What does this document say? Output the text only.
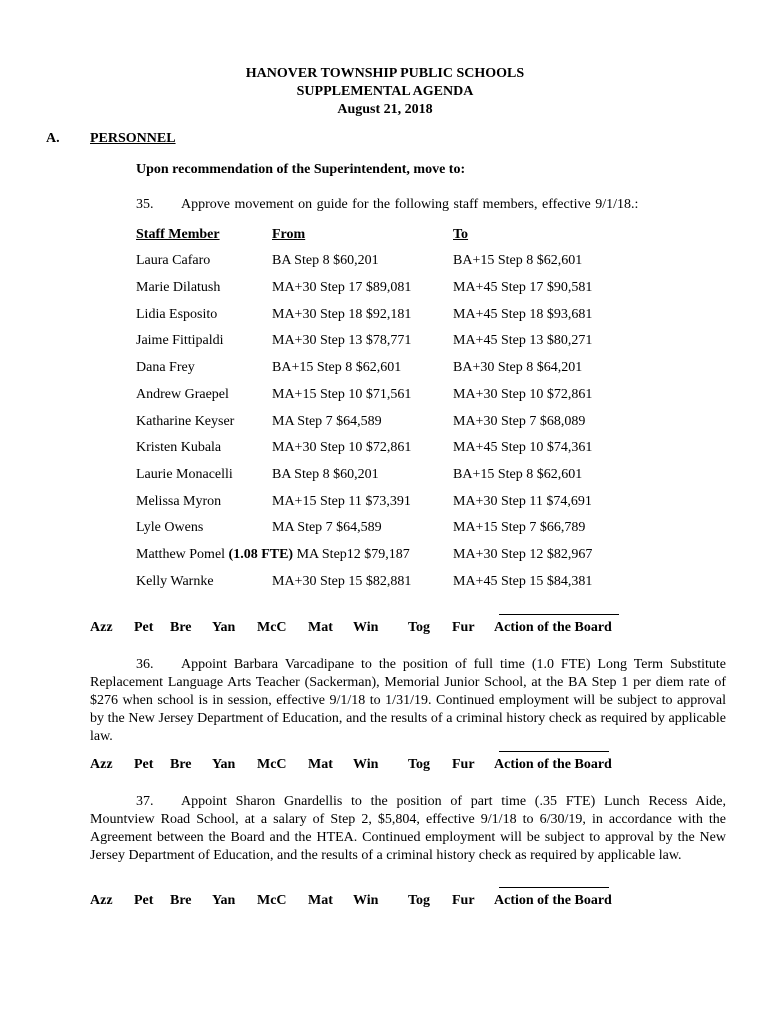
HANOVER TOWNSHIP PUBLIC SCHOOLS
SUPPLEMENTAL AGENDA
August 21, 2018
A. PERSONNEL
Upon recommendation of the Superintendent, move to:
35. Approve movement on guide for the following staff members, effective 9/1/18.:
Staff Member	From	To
Laura Cafaro	BA Step 8 $60,201	BA+15 Step 8 $62,601
Marie Dilatush	MA+30 Step 17 $89,081	MA+45 Step 17 $90,581
Lidia Esposito	MA+30 Step 18 $92,181	MA+45 Step 18 $93,681
Jaime Fittipaldi	MA+30 Step 13 $78,771	MA+45 Step 13 $80,271
Dana Frey	BA+15 Step 8 $62,601	BA+30 Step 8 $64,201
Andrew Graepel	MA+15 Step 10 $71,561	MA+30 Step 10 $72,861
Katharine Keyser	MA Step 7 $64,589	MA+30 Step 7 $68,089
Kristen Kubala	MA+30 Step 10 $72,861	MA+45 Step 10 $74,361
Laurie Monacelli	BA Step 8 $60,201	BA+15 Step 8 $62,601
Melissa Myron	MA+15 Step 11 $73,391	MA+30 Step 11 $74,691
Lyle Owens	MA Step 7 $64,589	MA+15 Step 7 $66,789
Matthew Pomel (1.08 FTE) MA Step12 $79,187	MA+30 Step 12 $82,967
Kelly Warnke	MA+30 Step 15 $82,881	MA+45 Step 15 $84,381
Azz Pet Bre Yan McC Mat Win Tog Fur Action of the Board
36. Appoint Barbara Varcadipane to the position of full time (1.0 FTE) Long Term Substitute Replacement Language Arts Teacher (Sackerman), Memorial Junior School, at the BA Step 1 per diem rate of $276 when school is in session, effective 9/1/18 to 1/31/19. Continued employment will be subject to approval by the New Jersey Department of Education, and the results of a criminal history check as required by applicable law.
Azz Pet Bre Yan McC Mat Win Tog Fur Action of the Board
37. Appoint Sharon Gnardellis to the position of part time (.35 FTE) Lunch Recess Aide, Mountview Road School, at a salary of Step 2, $5,804, effective 9/1/18 to 6/30/19, in accordance with the Agreement between the Board and the HTEA. Continued employment will be subject to approval by the New Jersey Department of Education, and the results of a criminal history check as required by applicable law.
Azz Pet Bre Yan McC Mat Win Tog Fur Action of the Board
